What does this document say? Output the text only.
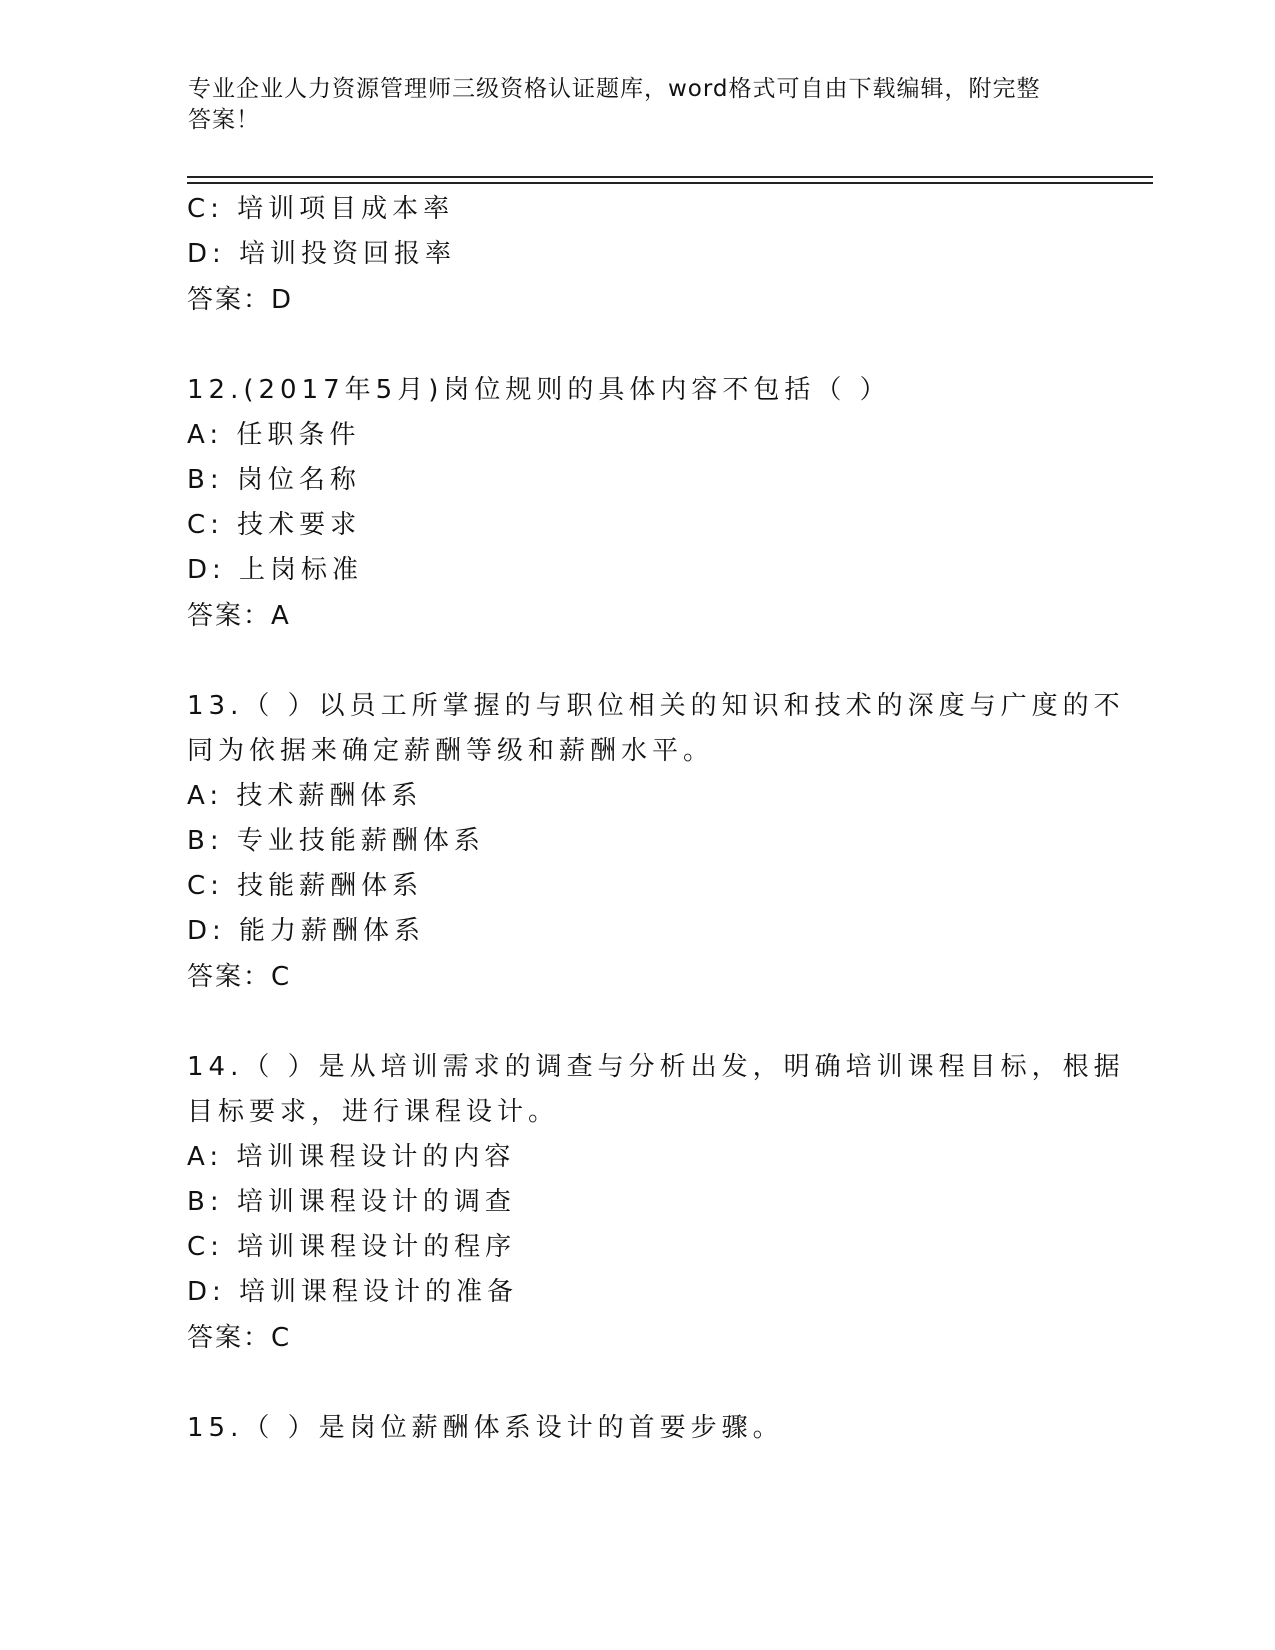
专业企业人力资源管理师三级资格认证题库，word格式可自由下载编辑，附完整
答案！
C: 培训项目成本率
D: 培训投资回报率
答案：D
12.(2017年5月)岗位规则的具体内容不包括（ ）
A: 任职条件
B: 岗位名称
C: 技术要求
D: 上岗标准
答案：A
13.（ ）以员工所掌握的与职位相关的知识和技术的深度与广度的不
同为依据来确定薪酬等级和薪酬水平。
A: 技术薪酬体系
B: 专业技能薪酬体系
C: 技能薪酬体系
D: 能力薪酬体系
答案：C
14.（ ）是从培训需求的调查与分析出发，明确培训课程目标，根据
目标要求，进行课程设计。
A: 培训课程设计的内容
B: 培训课程设计的调查
C: 培训课程设计的程序
D: 培训课程设计的准备
答案：C
15.（ ）是岗位薪酬体系设计的首要步骤。
